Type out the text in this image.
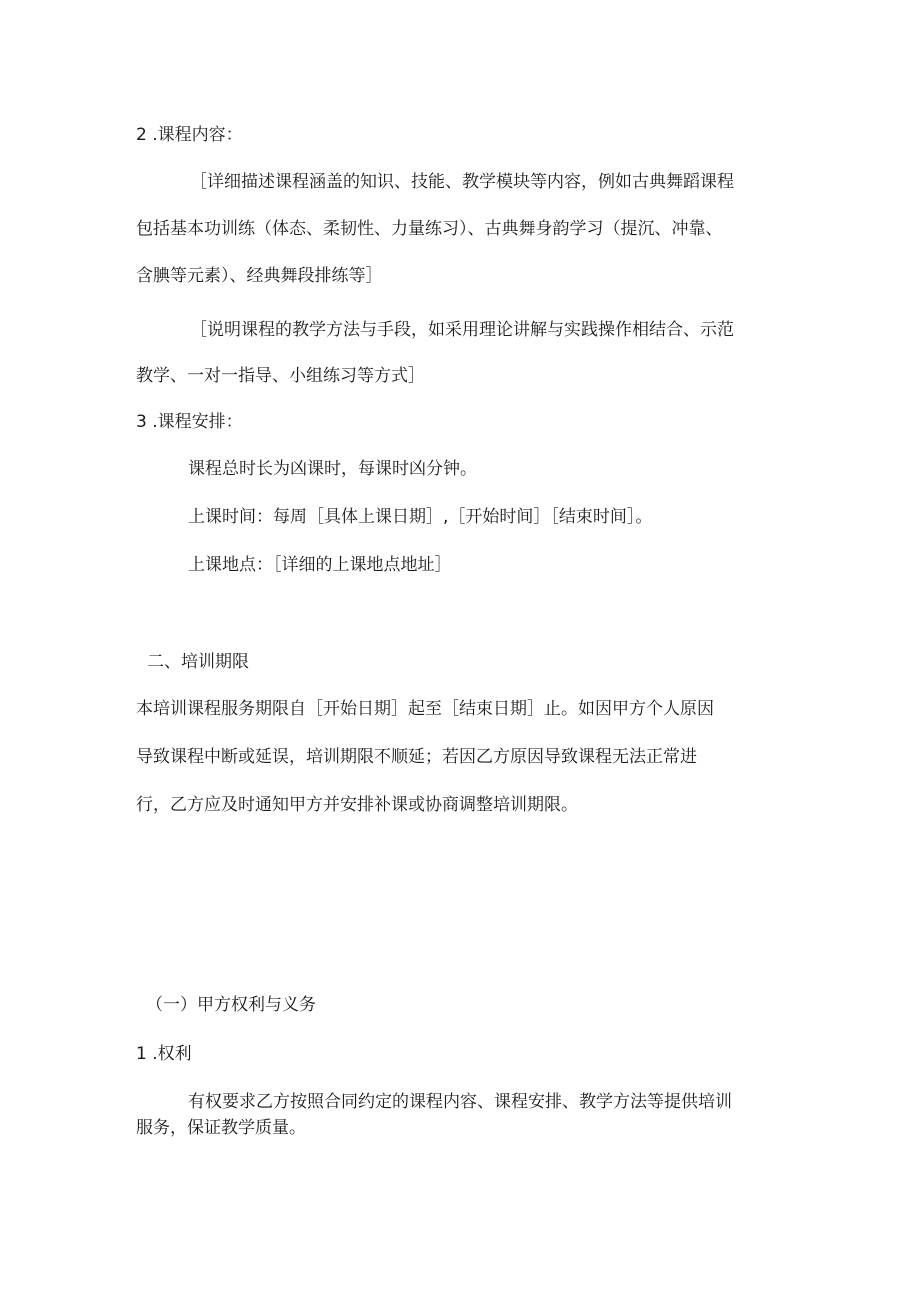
2 .课程内容：

［详细描述课程涵盖的知识、技能、教学模块等内容，例如古典舞蹈课程

包括基本功训练（体态、柔韧性、力量练习）、古典舞身韵学习（提沉、冲靠、

含腆等元素）、经典舞段排练等］

［说明课程的教学方法与手段，如采用理论讲解与实践操作相结合、示范

教学、一对一指导、小组练习等方式］

3 .课程安排：

课程总时长为凶课时，每课时凶分钟。

上课时间：每周［具体上课日期］,［开始时间］［结束时间］。

上课地点：［详细的上课地点地址］

二、培训期限

本培训课程服务期限自［开始日期］起至［结束日期］止。如因甲方个人原因

导致课程中断或延误，培训期限不顺延；若因乙方原因导致课程无法正常进

行，乙方应及时通知甲方并安排补课或协商调整培训期限。

（一）甲方权利与义务

1 .权利

有权要求乙方按照合同约定的课程内容、课程安排、教学方法等提供培训

服务，保证教学质量。
